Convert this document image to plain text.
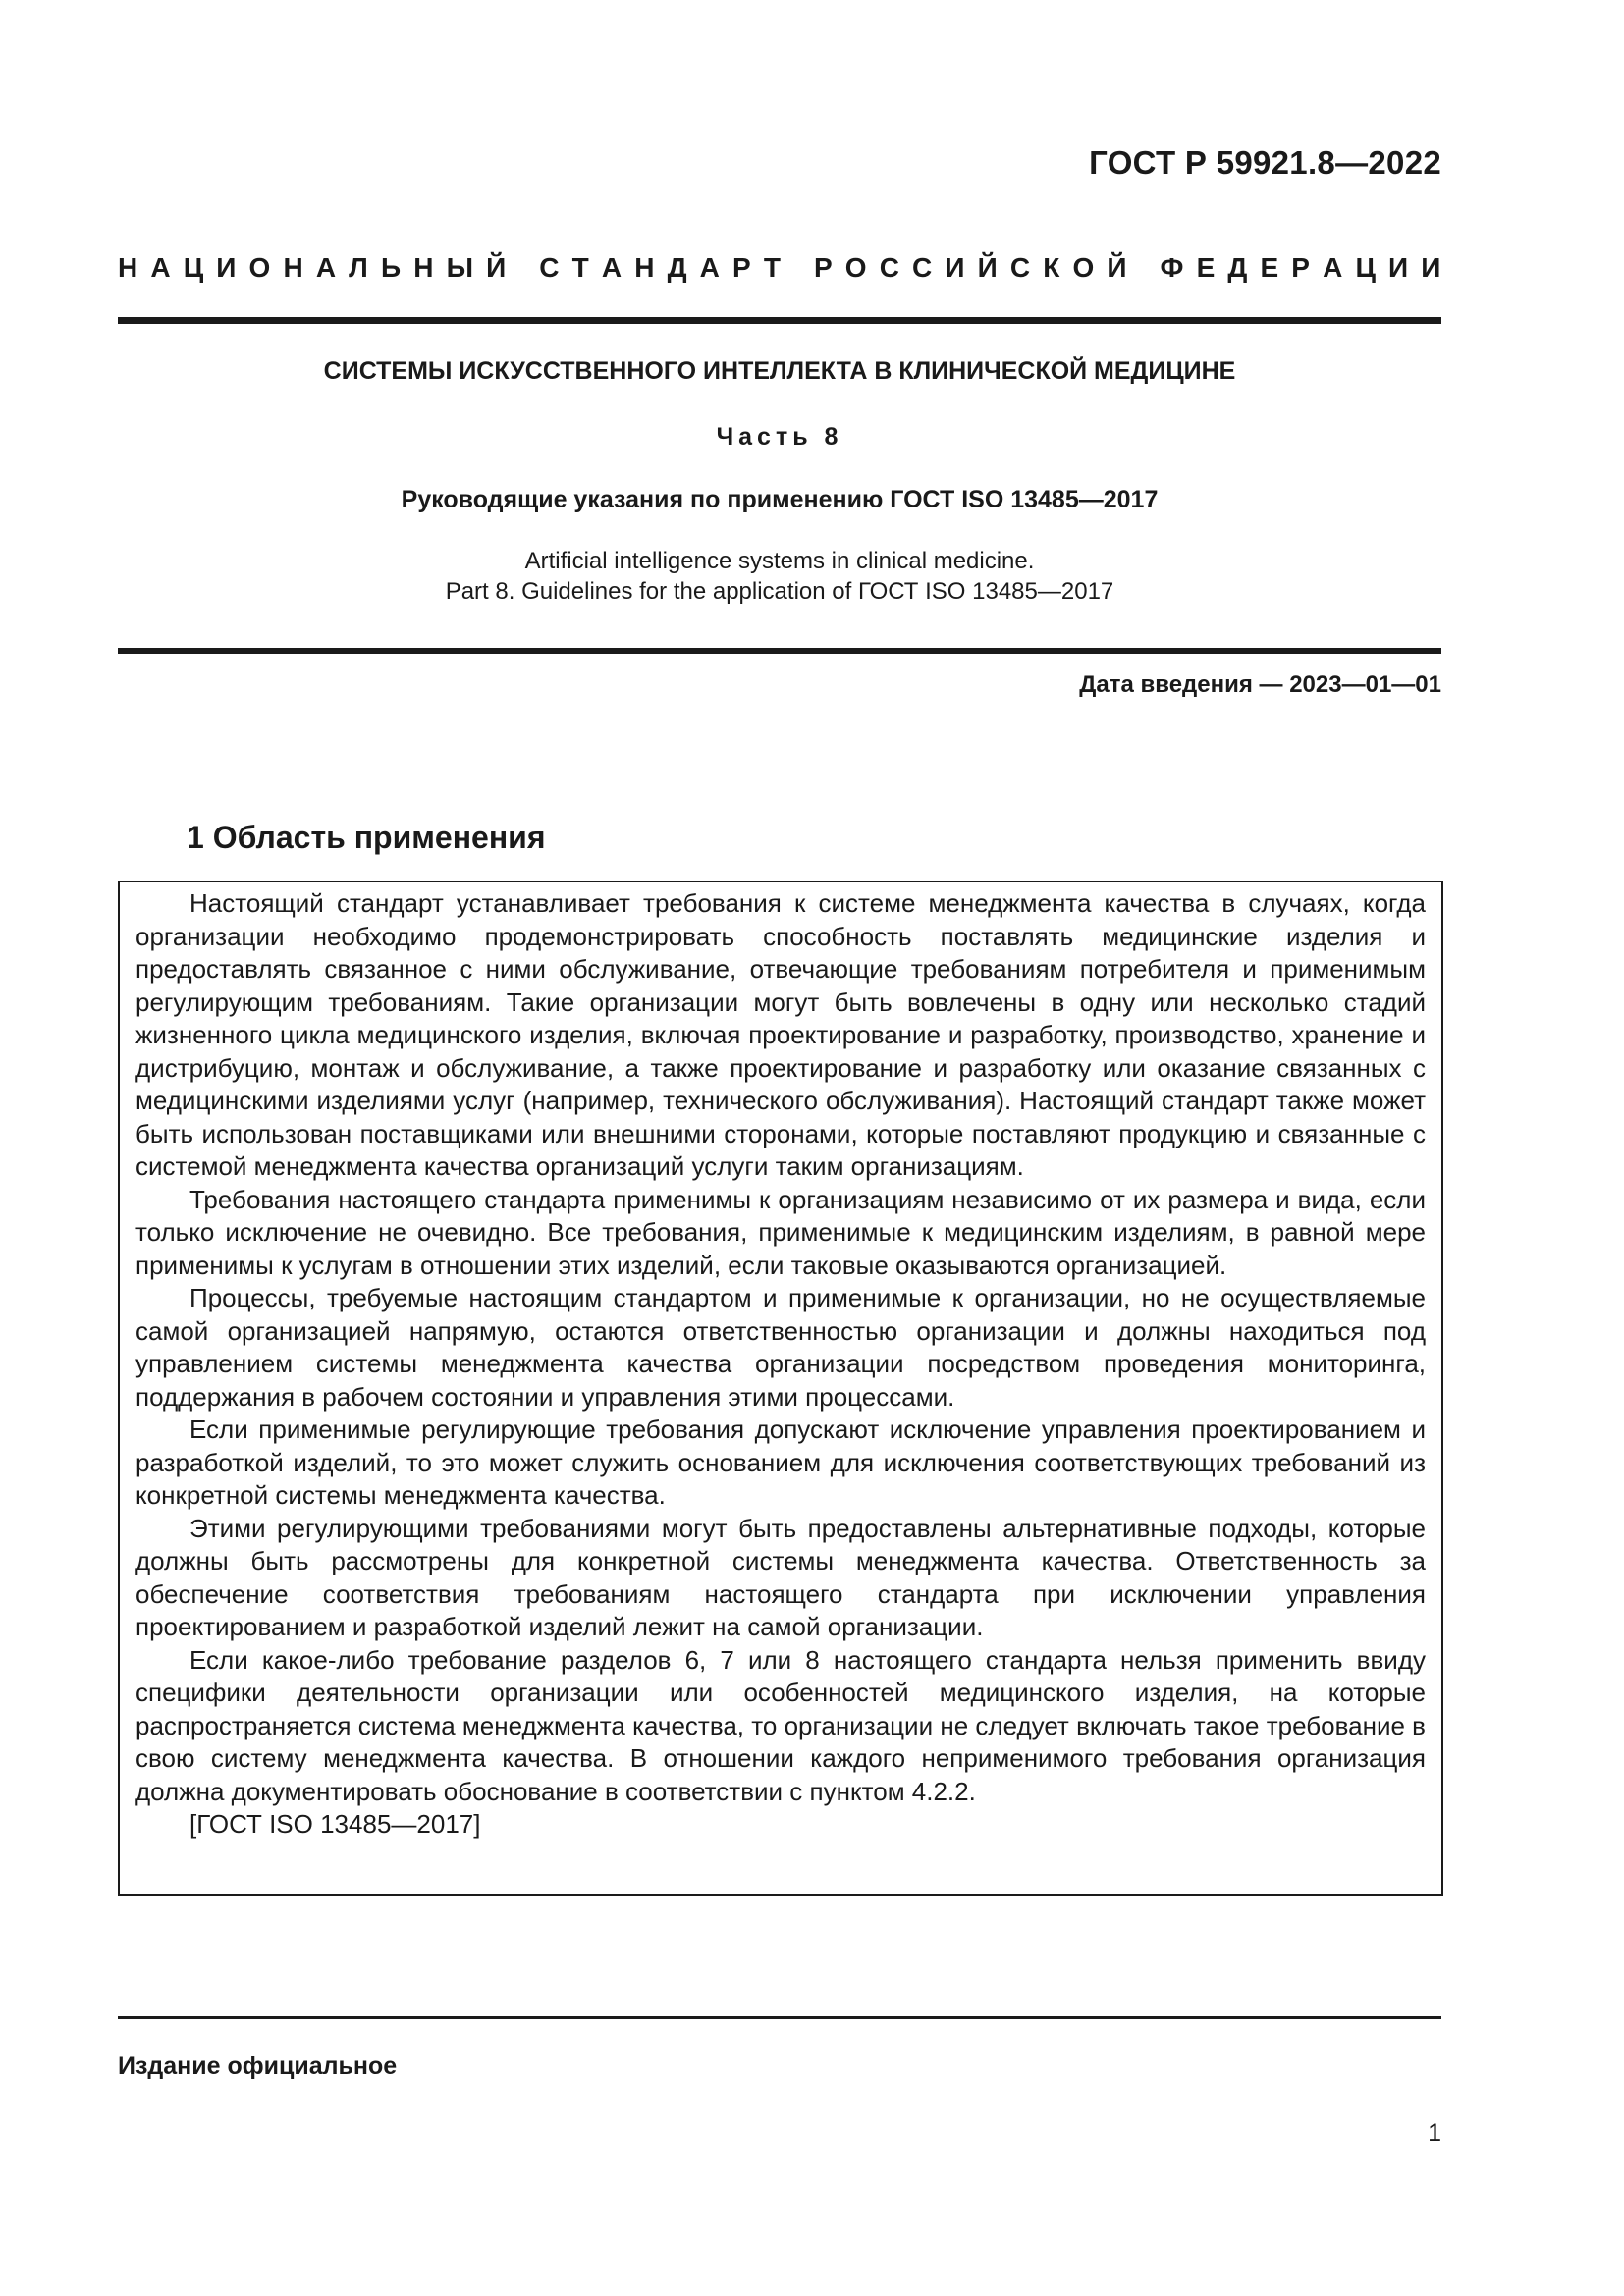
ГОСТ Р 59921.8—2022
Н А Ц И О Н А Л Ь Н Ы Й
С Т А Н Д А Р Т
Р О С С И Й С К О Й
Ф Е Д Е Р А Ц И И
СИСТЕМЫ ИСКУССТВЕННОГО ИНТЕЛЛЕКТА В КЛИНИЧЕСКОЙ МЕДИЦИНЕ
Часть 8
Руководящие указания по применению ГОСТ ISO 13485—2017
Artificial intelligence systems in clinical medicine.
Part 8. Guidelines for the application of ГОСТ ISO 13485—2017
Дата введения — 2023—01—01
1 Область применения

Настоящий стандарт устанавливает требования к системе менеджмента качества в случаях, когда организации необходимо продемонстрировать способность поставлять медицинские изделия и предоставлять связанное с ними обслуживание, отвечающие требованиям потребителя и применимым регулирующим требованиям. Такие организации могут быть вовлечены в одну или несколько стадий жизненного цикла медицинского изделия, включая проектирование и разработку, производство, хранение и дистрибуцию, монтаж и обслуживание, а также проектирование и разработку или оказание связанных с медицинскими изделиями услуг (например, технического обслуживания). Настоящий стандарт также может быть использован поставщиками или внешними сторонами, которые поставляют продукцию и связанные с системой менеджмента качества организаций услуги таким организациям.

Требования настоящего стандарта применимы к организациям независимо от их размера и вида, если только исключение не очевидно. Все требования, применимые к медицинским изделиям, в равной мере применимы к услугам в отношении этих изделий, если таковые оказываются организацией.

Процессы, требуемые настоящим стандартом и применимые к организации, но не осуществляемые самой организацией напрямую, остаются ответственностью организации и должны находиться под управлением системы менеджмента качества организации посредством проведения мониторинга, поддержания в рабочем состоянии и управления этими процессами.

Если применимые регулирующие требования допускают исключение управления проектированием и разработкой изделий, то это может служить основанием для исключения соответствующих требований из конкретной системы менеджмента качества.

Этими регулирующими требованиями могут быть предоставлены альтернативные подходы, которые должны быть рассмотрены для конкретной системы менеджмента качества. Ответственность за обеспечение соответствия требованиям настоящего стандарта при исключении управления проектированием и разработкой изделий лежит на самой организации.

Если какое-либо требование разделов 6, 7 или 8 настоящего стандарта нельзя применить ввиду специфики деятельности организации или особенностей медицинского изделия, на которые распространяется система менеджмента качества, то организации не следует включать такое требование в свою систему менеджмента качества. В отношении каждого неприменимого требования организация должна документировать обоснование в соответствии с пунктом 4.2.2.

[ГОСТ ISO 13485—2017]

Издание официальное
1
